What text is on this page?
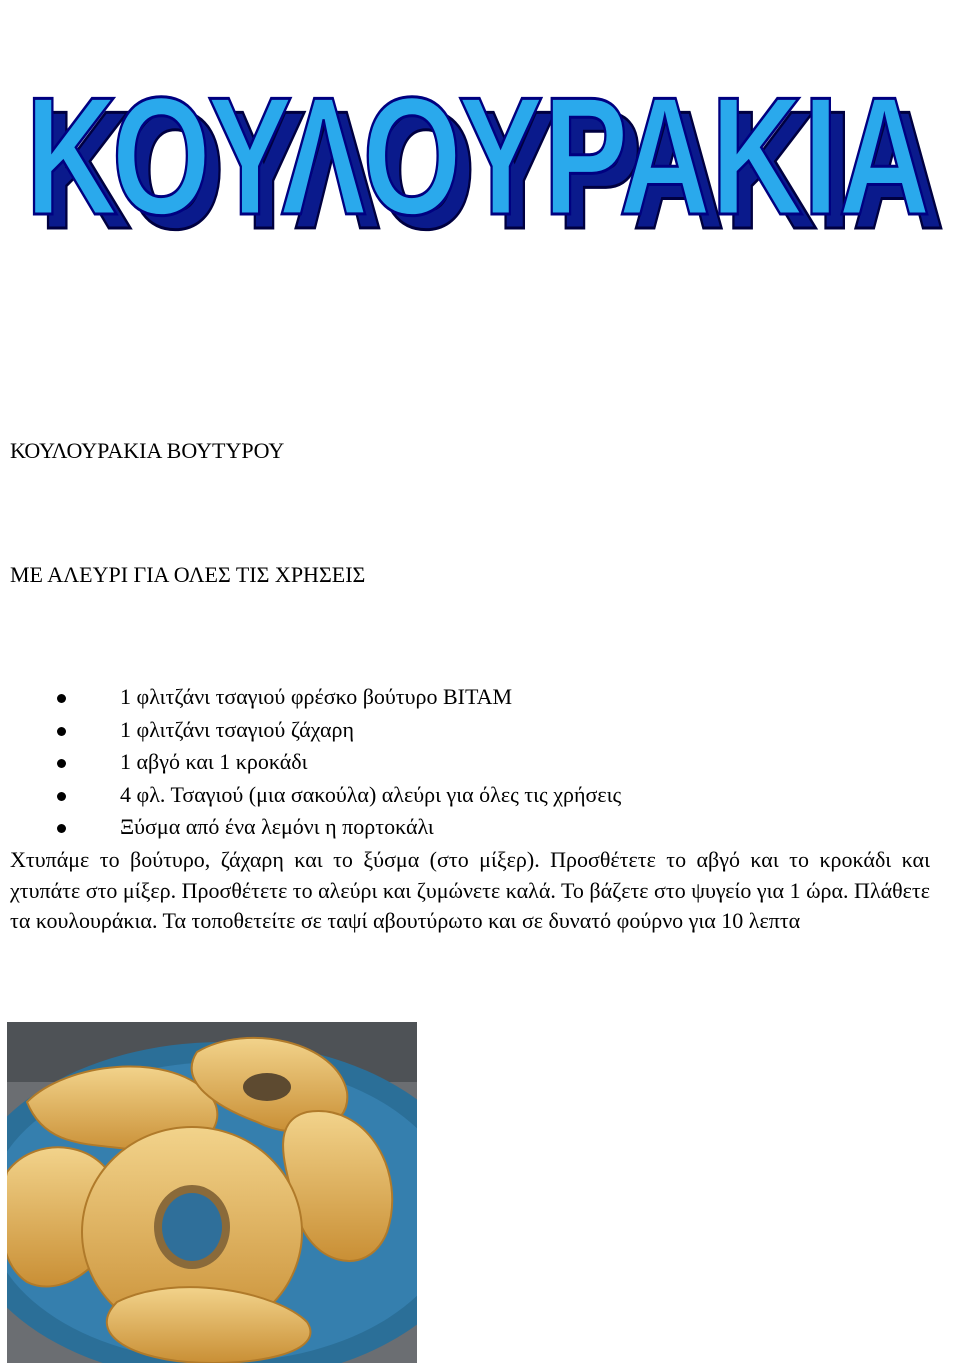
ΚΟΥΛΟΥΡΑΚΙΑ
ΚΟΥΛΟΥΡΑΚΙΑ
ΚΟΥΛΟΥΡΑΚΙΑ ΒΟΥΤΥΡΟΥ
ΜΕ ΑΛΕΥΡΙ ΓΙΑ ΟΛΕΣ ΤΙΣ ΧΡΗΣΕΙΣ
1 φλιτζάνι τσαγιού φρέσκο βούτυρο ΒΙΤΑΜ
1 φλιτζάνι τσαγιού ζάχαρη
1 αβγό και 1 κροκάδι
4 φλ. Τσαγιού (μια σακούλα) αλεύρι για όλες τις χρήσεις
Ξύσμα από ένα λεμόνι η πορτοκάλι

Χτυπάμε το βούτυρο, ζάχαρη και το ξύσμα (στο μίξερ). Προσθέτετε το αβγό και το κροκάδι και χτυπάτε στο μίξερ. Προσθέτετε το αλεύρι και ζυμώνετε καλά. Το βάζετε στο ψυγείο για 1 ώρα. Πλάθετε τα κουλουράκια. Τα τοποθετείτε σε ταψί αβουτύρωτο και σε δυνατό φούρνο για 10 λεπτα
